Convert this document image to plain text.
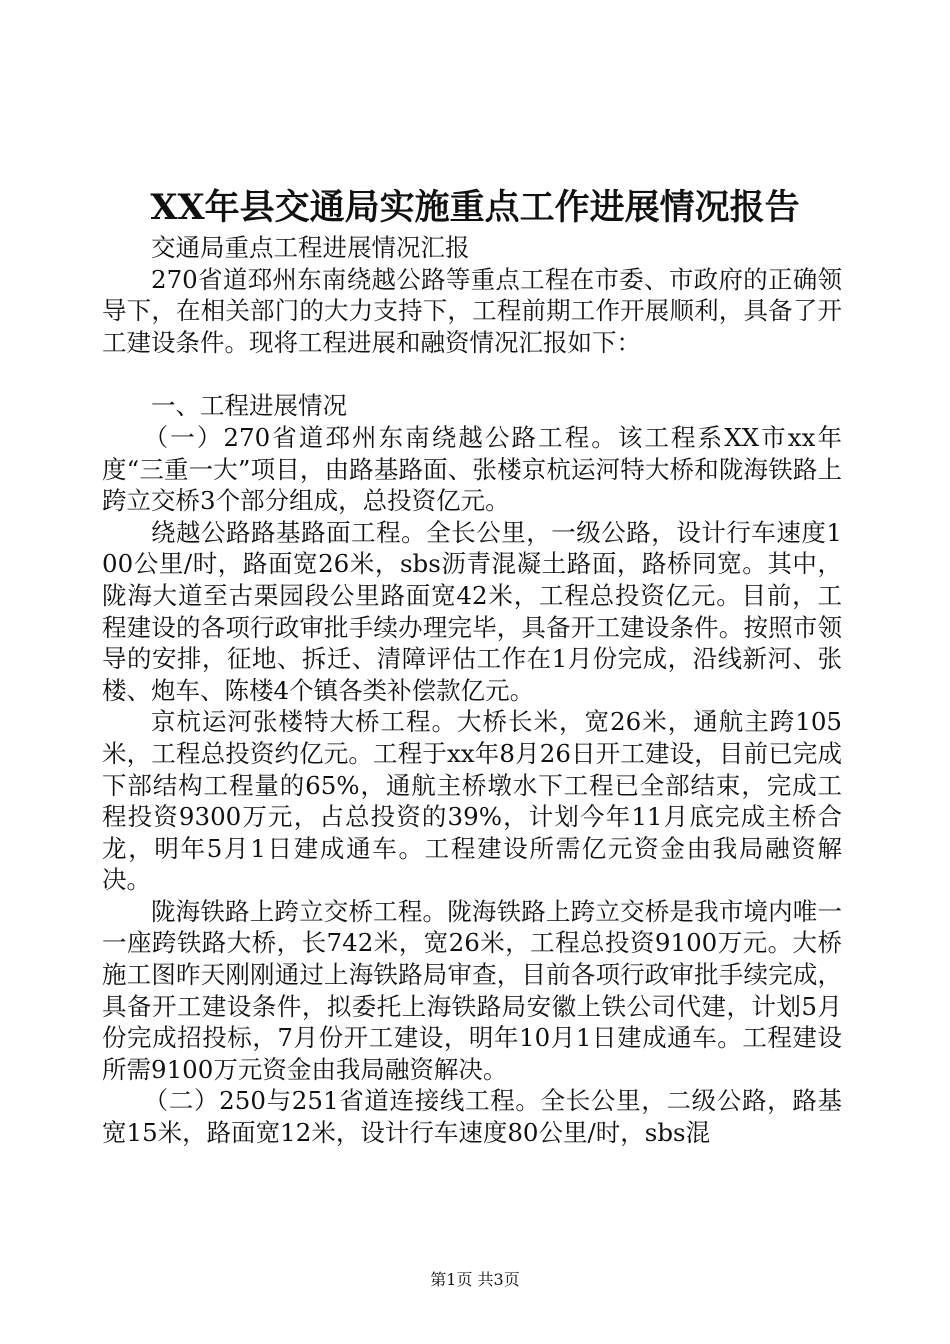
XX年县交通局实施重点工作进展情况报告

交通局重点工程进展情况汇报

270省道邳州东南绕越公路等重点工程在市委、市政府的正确领导下，在相关部门的大力支持下，工程前期工作开展顺利，具备了开工建设条件。现将工程进展和融资情况汇报如下：

一、工程进展情况

（一）270省道邳州东南绕越公路工程。该工程系XX市xx年度“三重一大”项目，由路基路面、张楼京杭运河特大桥和陇海铁路上跨立交桥3个部分组成，总投资亿元。

绕越公路路基路面工程。全长公里，一级公路，设计行车速度100公里/时，路面宽26米，sbs沥青混凝土路面，路桥同宽。其中，陇海大道至古栗园段公里路面宽42米，工程总投资亿元。目前，工程建设的各项行政审批手续办理完毕，具备开工建设条件。按照市领导的安排，征地、拆迁、清障评估工作在1月份完成，沿线新河、张楼、炮车、陈楼4个镇各类补偿款亿元。

京杭运河张楼特大桥工程。大桥长米，宽26米，通航主跨105米，工程总投资约亿元。工程于xx年8月26日开工建设，目前已完成下部结构工程量的65%，通航主桥墩水下工程已全部结束，完成工程投资9300万元，占总投资的39%，计划今年11月底完成主桥合龙，明年5月1日建成通车。工程建设所需亿元资金由我局融资解决。

陇海铁路上跨立交桥工程。陇海铁路上跨立交桥是我市境内唯一一座跨铁路大桥，长742米，宽26米，工程总投资9100万元。大桥施工图昨天刚刚通过上海铁路局审查，目前各项行政审批手续完成，具备开工建设条件，拟委托上海铁路局安徽上铁公司代建，计划5月份完成招投标，7月份开工建设，明年10月1日建成通车。工程建设所需9100万元资金由我局融资解决。

（二）250与251省道连接线工程。全长公里，二级公路，路基宽15米，路面宽12米，设计行车速度80公里/时，sbs混

第1页 共3页
